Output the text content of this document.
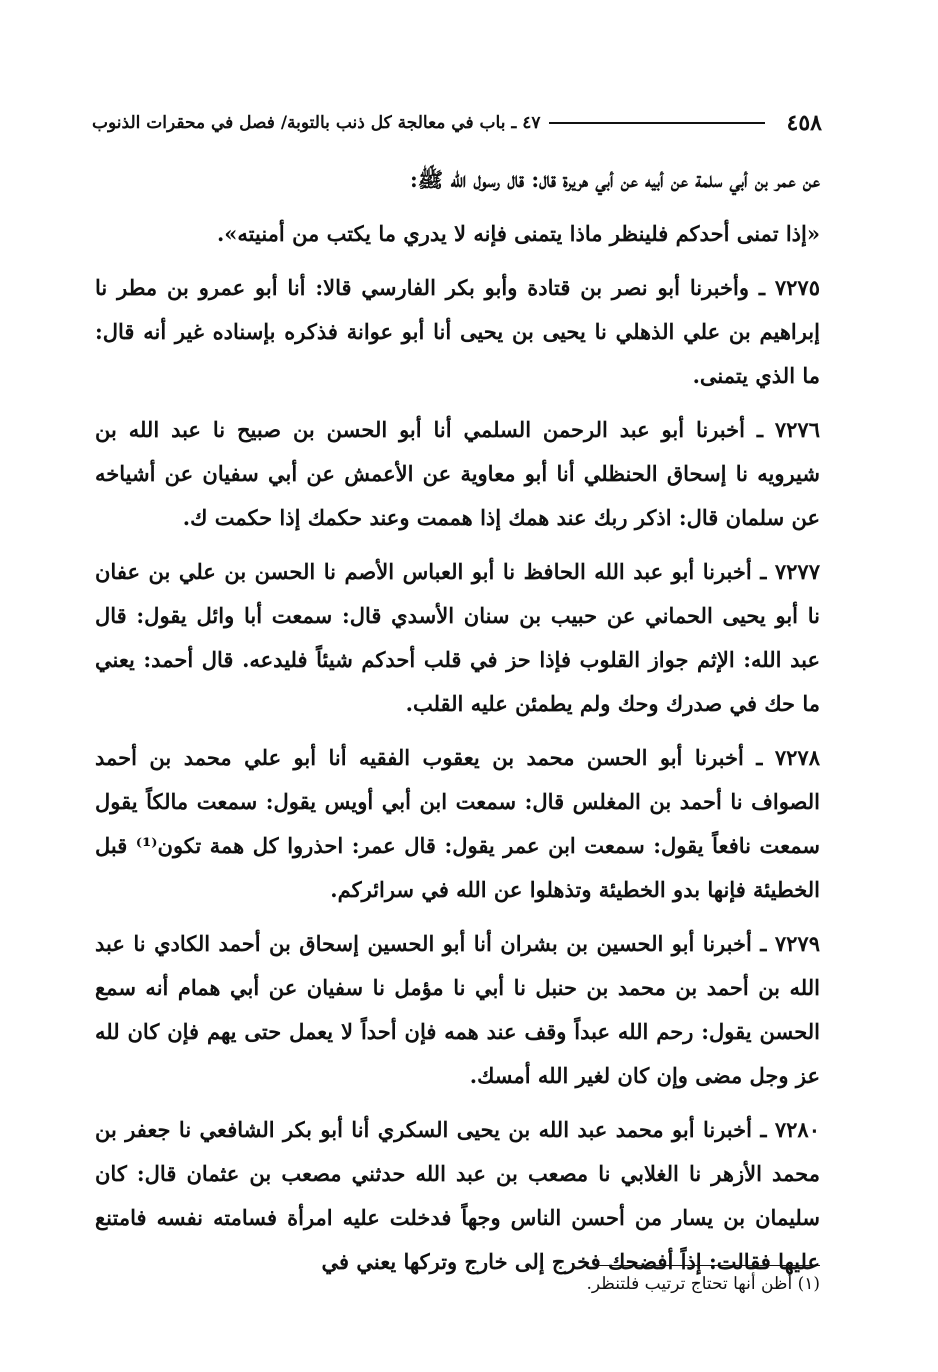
٤٥٨
٤٧ ـ باب في معالجة كل ذنب بالتوبة/ فصل في محقرات الذنوب

عن عمر بن أبي سلمة عن أبيه عن أبي هريرة قال: قال رسول الله ﷺ:

«إذا تمنى أحدكم فلينظر ماذا يتمنى فإنه لا يدري ما يكتب من أمنيته».

٧٢٧٥ ـ وأخبرنا أبو نصر بن قتادة وأبو بكر الفارسي قالا: أنا أبو عمرو بن مطر نا إبراهيم بن علي الذهلي نا يحيى بن يحيى أنا أبو عوانة فذكره بإسناده غير أنه قال: ما الذي يتمنى.

٧٢٧٦ ـ أخبرنا أبو عبد الرحمن السلمي أنا أبو الحسن بن صبيح نا عبد الله بن شيرويه نا إسحاق الحنظلي أنا أبو معاوية عن الأعمش عن أبي سفيان عن أشياخه عن سلمان قال: اذكر ربك عند همك إذا هممت وعند حكمك إذا حكمت ك.

٧٢٧٧ ـ أخبرنا أبو عبد الله الحافظ نا أبو العباس الأصم نا الحسن بن علي بن عفان نا أبو يحيى الحماني عن حبيب بن سنان الأسدي قال: سمعت أبا وائل يقول: قال عبد الله: الإثم جواز القلوب فإذا حز في قلب أحدكم شيئاً فليدعه. قال أحمد: يعني ما حك في صدرك وحك ولم يطمئن عليه القلب.

٧٢٧٨ ـ أخبرنا أبو الحسن محمد بن يعقوب الفقيه أنا أبو علي محمد بن أحمد الصواف نا أحمد بن المغلس قال: سمعت ابن أبي أويس يقول: سمعت مالكاً يقول سمعت نافعاً يقول: سمعت ابن عمر يقول: قال عمر: احذروا كل همة تكون⁽¹⁾ قبل الخطيئة فإنها بدو الخطيئة وتذهلوا عن الله في سرائركم.

٧٢٧٩ ـ أخبرنا أبو الحسين بن بشران أنا أبو الحسين إسحاق بن أحمد الكادي نا عبد الله بن أحمد بن محمد بن حنبل نا أبي نا مؤمل نا سفيان عن أبي همام أنه سمع الحسن يقول: رحم الله عبداً وقف عند همه فإن أحداً لا يعمل حتى يهم فإن كان لله عز وجل مضى وإن كان لغير الله أمسك.

٧٢٨٠ ـ أخبرنا أبو محمد عبد الله بن يحيى السكري أنا أبو بكر الشافعي نا جعفر بن محمد الأزهر نا الغلابي نا مصعب بن عبد الله حدثني مصعب بن عثمان قال: كان سليمان بن يسار من أحسن الناس وجهاً فدخلت عليه امرأة فسامته نفسه فامتنع عليها فقالت: إذاً أفضحك فخرج إلى خارج وتركها يعني في

(١) أظن أنها تحتاج ترتيب فلتنظر.
